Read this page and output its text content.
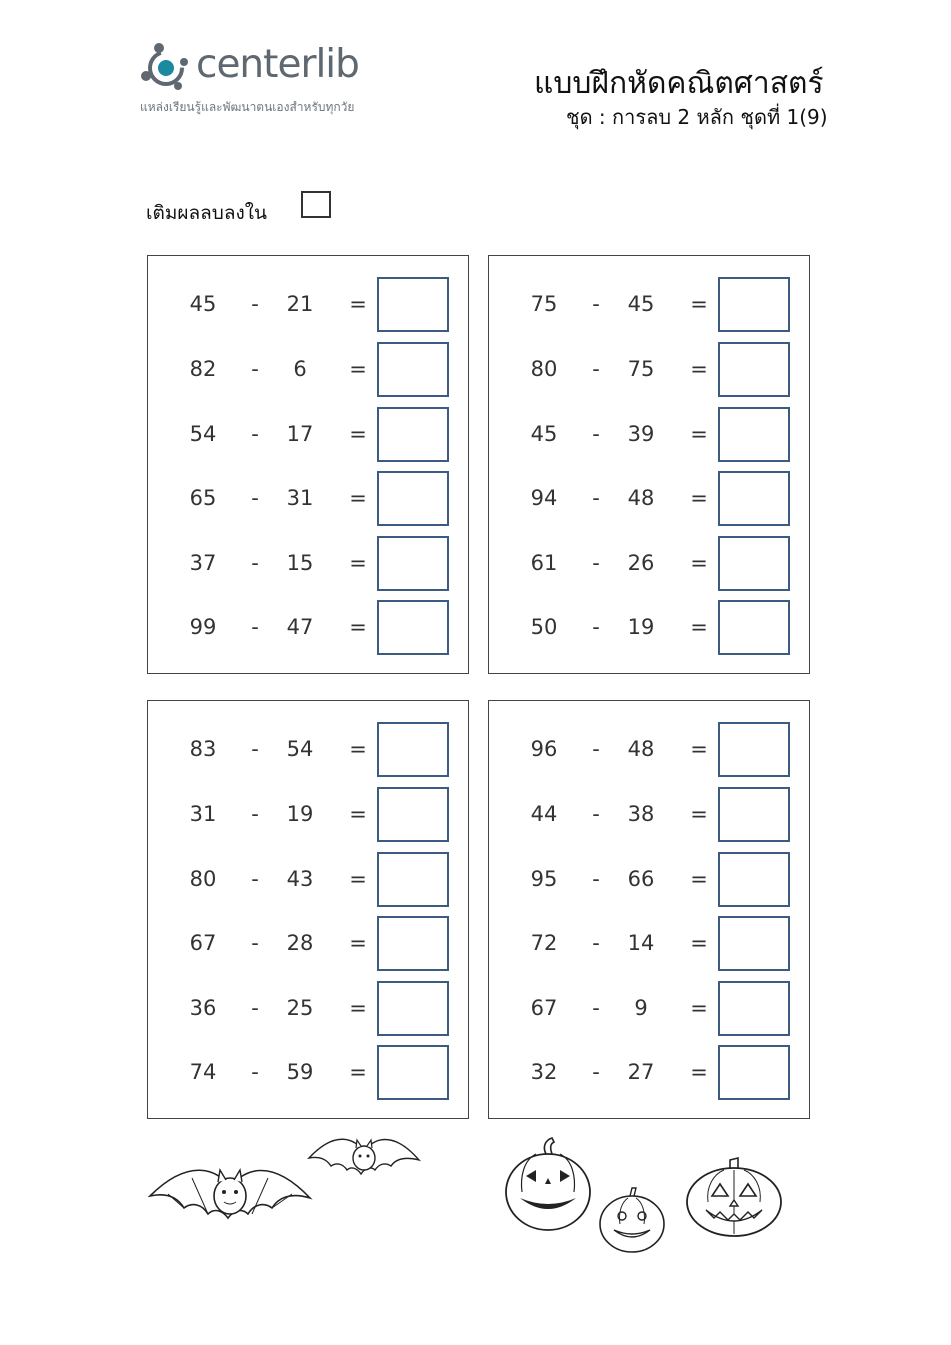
centerlib
แหล่งเรียนรู้และพัฒนาตนเองสำหรับทุกวัย
แบบฝึกหัดคณิตศาสตร์
ชุด : การลบ 2 หลัก ชุดที่ 1(9)
เติมผลลบลงใน
45	-	21	=
82	-	6	=
54	-	17	=
65	-	31	=
37	-	15	=
99	-	47	=
75	-	45	=
80	-	75	=
45	-	39	=
94	-	48	=
61	-	26	=
50	-	19	=
83	-	54	=
31	-	19	=
80	-	43	=
67	-	28	=
36	-	25	=
74	-	59	=
96	-	48	=
44	-	38	=
95	-	66	=
72	-	14	=
67	-	9	=
32	-	27	=
